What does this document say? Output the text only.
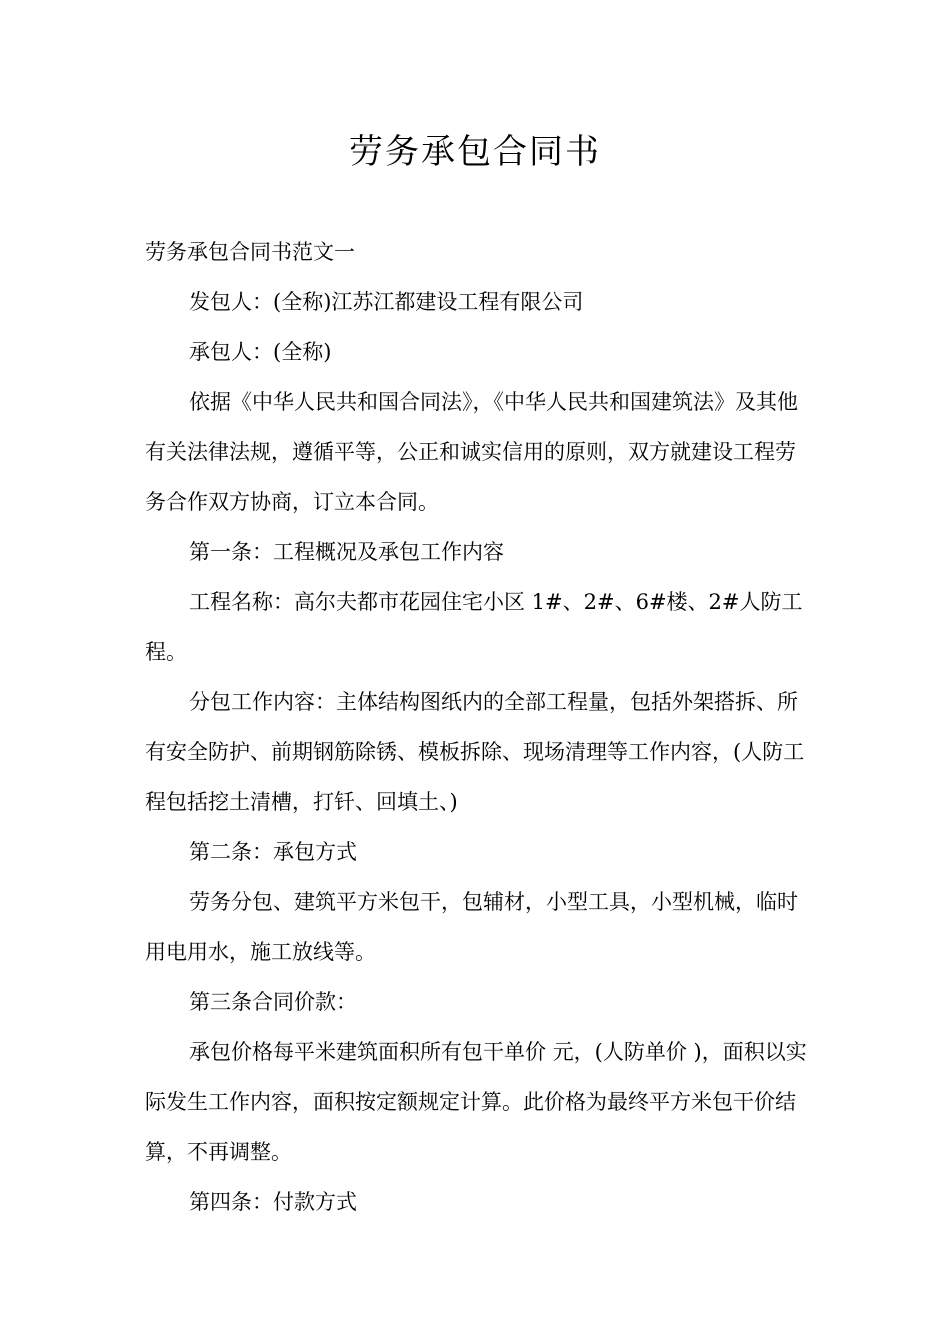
劳务承包合同书

劳务承包合同书范文一

发包人：(全称)江苏江都建设工程有限公司

承包人：(全称)

依据《中华人民共和国合同法》，《中华人民共和国建筑法》及其他有关法律法规，遵循平等，公正和诚实信用的原则，双方就建设工程劳务合作双方协商，订立本合同。

第一条：工程概况及承包工作内容

工程名称：高尔夫都市花园住宅小区 1#、2#、6#楼、2#人防工程。

分包工作内容：主体结构图纸内的全部工程量，包括外架搭拆、所有安全防护、前期钢筋除锈、模板拆除、现场清理等工作内容，(人防工程包括挖土清槽，打钎、回填土、)

第二条：承包方式

劳务分包、建筑平方米包干，包辅材，小型工具，小型机械，临时用电用水，施工放线等。

第三条合同价款：

承包价格每平米建筑面积所有包干单价 元，(人防单价 )，面积以实际发生工作内容，面积按定额规定计算。此价格为最终平方米包干价结算，不再调整。

第四条：付款方式
